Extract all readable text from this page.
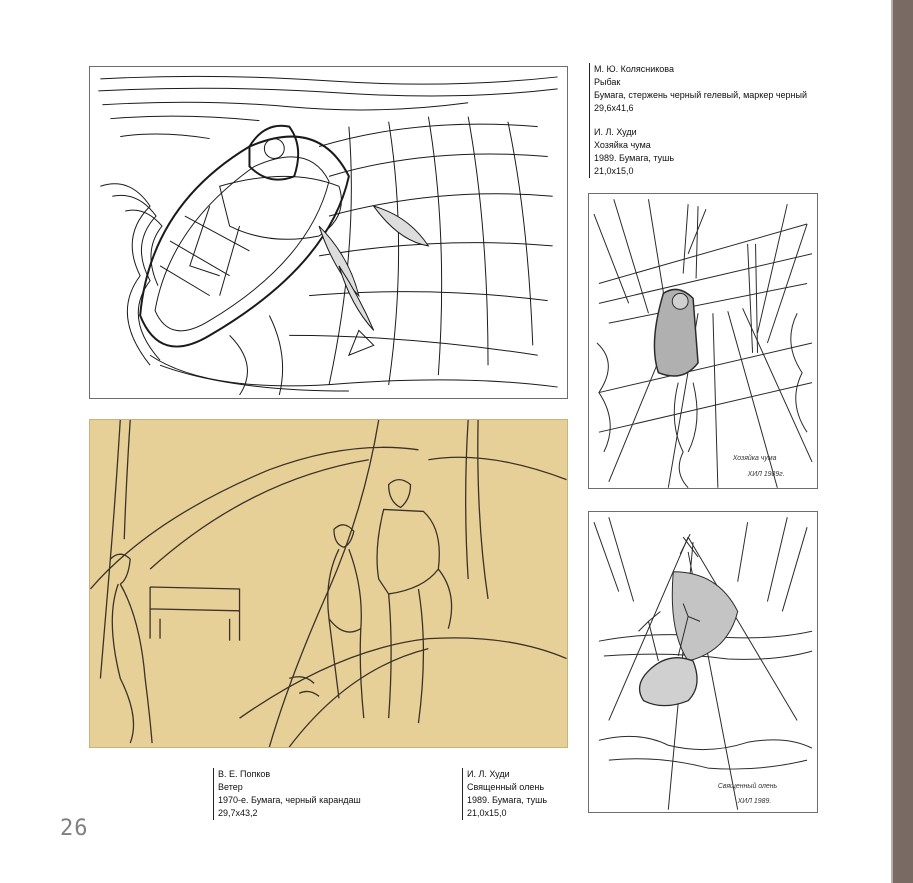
М. Ю. Колясникова
Рыбак
Бумага, стержень черный гелевый, маркер черный
29,6х41,6
И. Л. Худи
Хозяйка чума
1989. Бумага, тушь
21,0х15,0
Хозяйка чума
ХИЛ 1989г.
Священный олень
ХИЛ 1989.
В. Е. Попков
Ветер
1970-е. Бумага, черный карандаш
29,7х43,2
И. Л. Худи
Священный олень
1989. Бумага, тушь
21,0х15,0
26
